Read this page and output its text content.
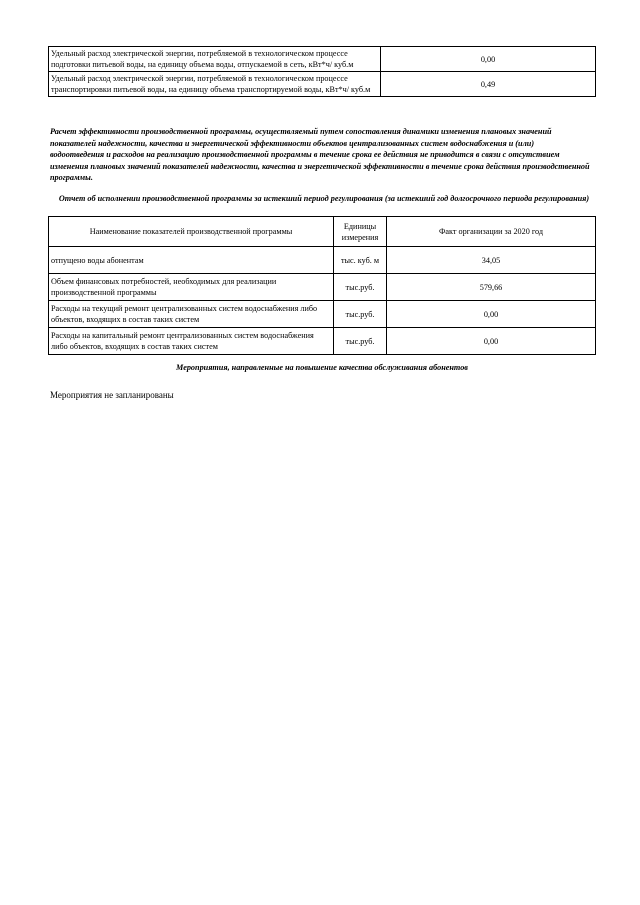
Удельный расход электрической энергии, потребляемой в технологическом процессе подготовки питьевой воды, на единицу объема воды, отпускаемой в сеть, кВт*ч/ куб.м	0,00
Удельный расход электрической энергии, потребляемой в технологическом процессе транспортировки питьевой воды, на единицу объема транспортируемой воды, кВт*ч/ куб.м	0,49
Расчет эффективности производственной программы, осуществляемый путем сопоставления динамики изменения плановых значений показателей надежности, качества и энергетической эффективности объектов централизованных систем водоснабжения и (или) водоотведения и расходов на реализацию производственной программы в течение срока ее действия не приводится в связи с отсутствием изменения плановых значений показателей надежности, качества и энергетической эффективности в течение срока действия производственной программы.
Отчет об исполнении производственной программы за истекший период регулирования (за истекший год долгосрочного периода регулирования)
Наименование показателей производственной программы	Единицы измерения	Факт организации за 2020 год
отпущено воды абонентам	тыс. куб. м	34,05
Объем финансовых потребностей, необходимых для реализации производственной программы	тыс.руб.	579,66
Расходы на текущий ремонт централизованных систем водоснабжения либо объектов, входящих в состав таких систем	тыс.руб.	0,00
Расходы на капитальный ремонт централизованных систем водоснабжения либо объектов, входящих в состав таких систем	тыс.руб.	0,00
Мероприятия, направленные на повышение качества обслуживания абонентов
Мероприятия не запланированы
